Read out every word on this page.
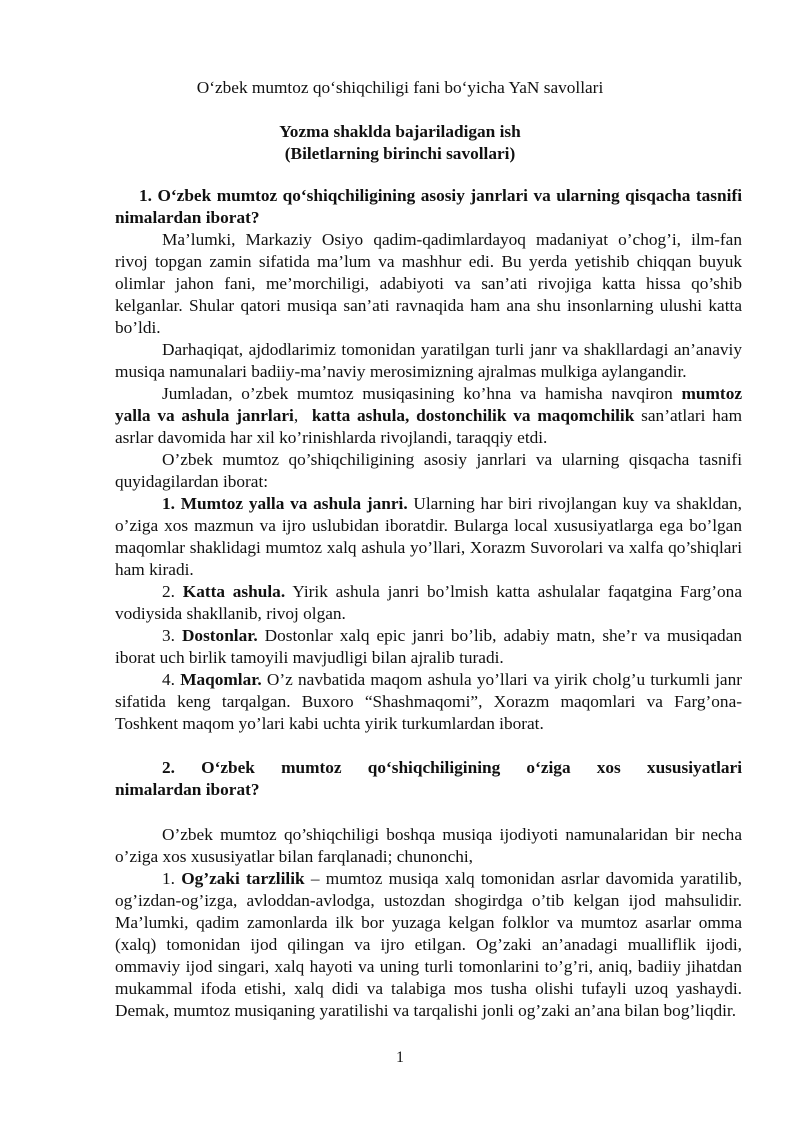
O‘zbek mumtoz qo‘shiqchiligi fani bo‘yicha YaN savollari
Yozma shaklda bajariladigan ish
(Biletlarning birinchi savollari)

1. O‘zbek mumtoz qo‘shiqchiligining asosiy janrlari va ularning qisqacha tasnifi nimalardan iborat?

Ma’lumki, Markaziy Osiyo qadim-qadimlardayoq madaniyat o’chog’i, ilm-fan rivoj topgan zamin sifatida ma’lum va mashhur edi. Bu yerda yetishib chiqqan buyuk olimlar jahon fani, me’morchiligi, adabiyoti va san’ati rivojiga katta hissa qo’shib kelganlar. Shular qatori musiqa san’ati ravnaqida ham ana shu insonlarning ulushi katta bo’ldi.

Darhaqiqat, ajdodlarimiz tomonidan yaratilgan turli janr va shakllardagi an’anaviy musiqa namunalari badiiy-ma’naviy merosimizning ajralmas mulkiga aylangandir.

Jumladan, o’zbek mumtoz musiqasining ko’hna va hamisha navqiron mumtoz yalla va ashula janrlari, katta ashula, dostonchilik va maqomchilik san’atlari ham asrlar davomida har xil ko’rinishlarda rivojlandi, taraqqiy etdi.

O’zbek mumtoz qo’shiqchiligining asosiy janrlari va ularning qisqacha tasnifi quyidagilardan iborat:

1. Mumtoz yalla va ashula janri. Ularning har biri rivojlangan kuy va shakldan, o’ziga xos mazmun va ijro uslubidan iboratdir. Bularga local xususiyatlarga ega bo’lgan maqomlar shaklidagi mumtoz xalq ashula yo’llari, Xorazm Suvorolari va xalfa qo’shiqlari ham kiradi.

2. Katta ashula. Yirik ashula janri bo’lmish katta ashulalar faqatgina Farg’ona vodiysida shakllanib, rivoj olgan.

3. Dostonlar. Dostonlar xalq epic janri bo’lib, adabiy matn, she’r va musiqadan iborat uch birlik tamoyili mavjudligi bilan ajralib turadi.

4. Maqomlar. O’z navbatida maqom ashula yo’llari va yirik cholg’u turkumli janr sifatida keng tarqalgan. Buxoro “Shashmaqomi”, Xorazm maqomlari va Farg’ona-Toshkent maqom yo’lari kabi uchta yirik turkumlardan iborat.

2. O‘zbek mumtoz qo‘shiqchiligining o‘ziga xos xususiyatlari

nimalardan iborat?

O’zbek mumtoz qo’shiqchiligi boshqa musiqa ijodiyoti namunalaridan bir necha o’ziga xos xususiyatlar bilan farqlanadi; chunonchi,

1. Og’zaki tarzlilik – mumtoz musiqa xalq tomonidan asrlar davomida yaratilib, og’izdan-og’izga, avloddan-avlodga, ustozdan shogirdga o’tib kelgan ijod mahsulidir. Ma’lumki, qadim zamonlarda ilk bor yuzaga kelgan folklor va mumtoz asarlar omma (xalq) tomonidan ijod qilingan va ijro etilgan. Og’zaki an’anadagi mualliflik ijodi, ommaviy ijod singari, xalq hayoti va uning turli tomonlarini to’g’ri, aniq, badiiy jihatdan mukammal ifoda etishi, xalq didi va talabiga mos tusha olishi tufayli uzoq yashaydi. Demak, mumtoz musiqaning yaratilishi va tarqalishi jonli og’zaki an’ana bilan bog’liqdir.

1
